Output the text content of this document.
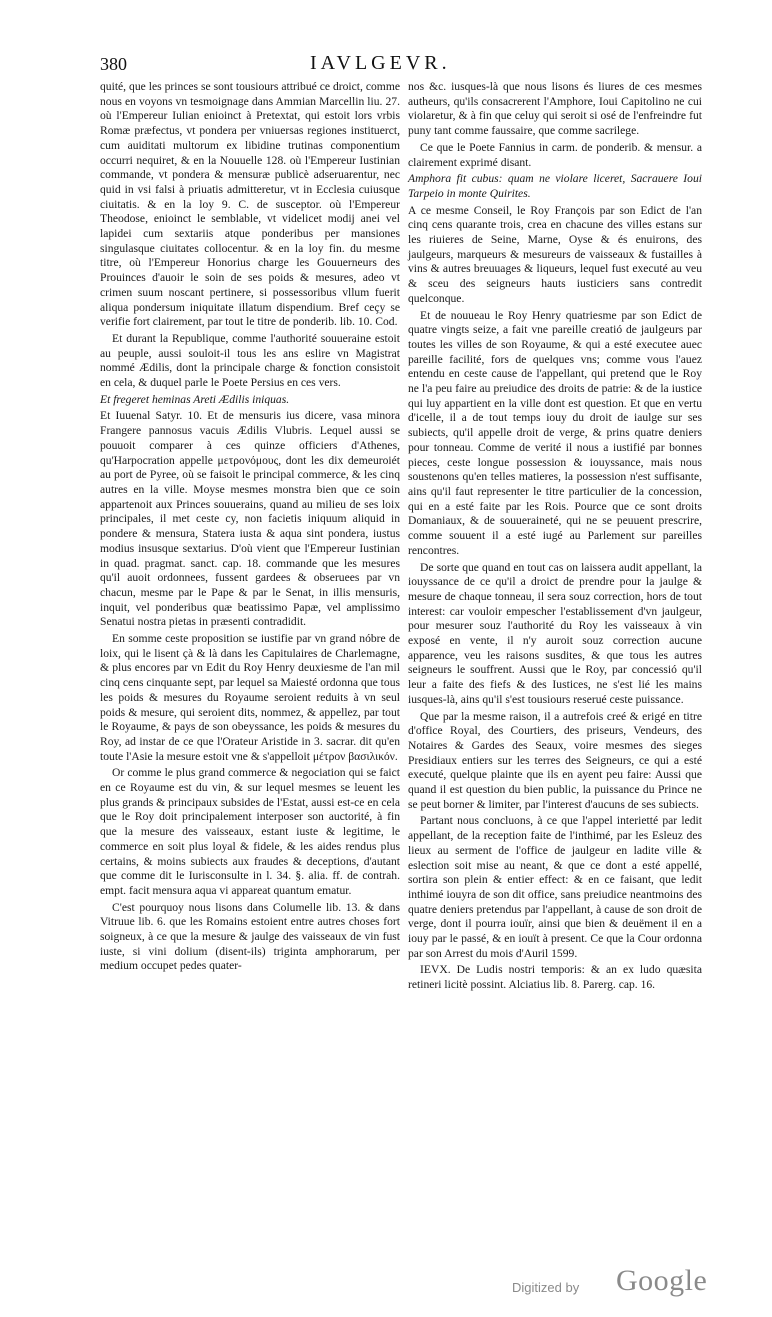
380	IAVLGEVR.

quité, que les princes se sont tousiours attribué ce droict, comme nous en voyons vn tesmoignage dans Ammian Marcellin liu. 27. où l'Empereur Iulian enioinct à Pretextat, qui estoit lors vrbis Romæ præfectus, vt pondera per vniuersas regiones instituerct, cum auiditati multorum ex libidine trutinas componentium occurri nequiret, & en la Nouuelle 128. où l'Empereur Iustinian commande, vt pondera & mensuræ publicè adseruarentur, nec quid in vsi falsi à priuatis admitteretur, vt in Ecclesia cuiusque ciuitatis. & en la loy 9. C. de susceptor. où l'Empereur Theodose, enioinct le semblable, vt videlicet modij anei vel lapidei cum sextariis atque ponderibus per mansiones singulasque ciuitates collocentur. & en la loy fin. du mesme titre, où l'Empereur Honorius charge les Gouuerneurs des Prouinces d'auoir le soin de ses poids & mesures, adeo vt crimen suum noscant pertinere, si possessoribus vllum fuerit aliqua pondersum iniquitate illatum dispendium. Bref ceçy se verifie fort clairement, par tout le titre de ponderib. lib. 10. Cod.

Et durant la Republique, comme l'authorité souueraine estoit au peuple, aussi souloit-il tous les ans eslire vn Magistrat nommé Ædilis, dont la principale charge & fonction consistoit en cela, & duquel parle le Poete Persius en ces vers.

Et fregeret heminas Areti Ædilis iniquas.

Et Iuuenal Satyr. 10. Et de mensuris ius dicere, vasa minora Frangere pannosus vacuis Ædilis Vlubris. Lequel aussi se pouuoit comparer à ces quinze officiers d'Athenes, qu'Harpocration appelle μετρονόμους, dont les dix demeuroiét au port de Pyree, où se faisoit le principal commerce, & les cinq autres en la ville. Moyse mesmes monstra bien que ce soin appartenoit aux Princes souuerains, quand au milieu de ses loix principales, il met ceste cy, non facietis iniquum aliquid in pondere & mensura, Statera iusta & aqua sint pondera, iustus modius insusque sextarius. D'où vient que l'Empereur Iustinian in quad. pragmat. sanct. cap. 18. commande que les mesures qu'il auoit ordonnees, fussent gardees & obseruees par vn chacun, mesme par le Pape & par le Senat, in illis mensuris, inquit, vel ponderibus quæ beatissimo Papæ, vel amplissimo Senatui nostra pietas in præsenti contradidit.

En somme ceste proposition se iustifie par vn grand nóbre de loix, qui le lisent çà & là dans les Capitulaires de Charlemagne, & plus encores par vn Edit du Roy Henry deuxiesme de l'an mil cinq cens cinquante sept, par lequel sa Maiesté ordonna que tous les poids & mesures du Royaume seroient reduits à vn seul poids & mesure, qui seroient dits, nommez, & appellez, par tout le Royaume, & pays de son obeyssance, les poids & mesures du Roy, ad instar de ce que l'Orateur Aristide in 3. sacrar. dit qu'en toute l'Asie la mesure estoit vne & s'appelloit μέτρον βασιλικόν.

Or comme le plus grand commerce & negociation qui se faict en ce Royaume est du vin, & sur lequel mesmes se leuent les plus grands & principaux subsides de l'Estat, aussi est-ce en cela que le Roy doit principalement interposer son auctorité, à fin que la mesure des vaisseaux, estant iuste & legitime, le commerce en soit plus loyal & fidele, & les aides rendus plus certains, & moins subiects aux fraudes & deceptions, d'autant que comme dit le Iurisconsulte in l. 34. §. alia. ff. de contrah. empt. facit mensura aqua vi appareat quantum ematur.

C'est pourquoy nous lisons dans Columelle lib. 13. & dans Vitruue lib. 6. que les Romains estoient entre autres choses fort soigneux, à ce que la mesure & jaulge des vaisseaux de vin fust iuste, si vini dolium (disent-ils) triginta amphorarum, per medium occupet pedes quater-

nos &c. iusques-là que nous lisons és liures de ces mesmes autheurs, qu'ils consacrerent l'Amphore, Ioui Capitolino ne cui violaretur, & à fin que celuy qui seroit si osé de l'enfreindre fut puny tant comme faussaire, que comme sacrilege.

Ce que le Poete Fannius in carm. de ponderib. & mensur. a clairement exprimé disant.

Amphora fit cubus: quam ne violare liceret, Sacrauere Ioui Tarpeio in monte Quirites.

A ce mesme Conseil, le Roy François par son Edict de l'an cinq cens quarante trois, crea en chacune des villes estans sur les riuieres de Seine, Marne, Oyse & és enuirons, des jaulgeurs, marqueurs & mesureurs de vaisseaux & fustailles à vins & autres breuuages & liqueurs, lequel fust executé au veu & sceu des seigneurs hauts iusticiers sans contredit quelconque.

Et de nouueau le Roy Henry quatriesme par son Edict de quatre vingts seize, a fait vne pareille creatió de jaulgeurs par toutes les villes de son Royaume, & qui a esté executee auec pareille facilité, fors de quelques vns; comme vous l'auez entendu en ceste cause de l'appellant, qui pretend que le Roy ne l'a peu faire au preiudice des droits de patrie: & de la iustice qui luy appartient en la ville dont est question. Et que en vertu d'icelle, il a de tout temps iouy du droit de iaulge sur ses subiects, qu'il appelle droit de verge, & prins quatre deniers pour tonneau. Comme de verité il nous a iustifié par bonnes pieces, ceste longue possession & iouyssance, mais nous soustenons qu'en telles matieres, la possession n'est suffisante, ains qu'il faut representer le titre particulier de la concession, qui en a esté faite par les Rois. Pource que ce sont droits Domaniaux, & de souueraineté, qui ne se peuuent prescrire, comme souuent il a esté iugé au Parlement sur pareilles rencontres.

De sorte que quand en tout cas on laissera audit appellant, la iouyssance de ce qu'il a droict de prendre pour la jaulge & mesure de chaque tonneau, il sera souz correction, hors de tout interest: car vouloir empescher l'establissement d'vn jaulgeur, pour mesurer souz l'authorité du Roy les vaisseaux à vin exposé en vente, il n'y auroit souz correction aucune apparence, veu les raisons susdites, & que tous les autres seigneurs le souffrent. Aussi que le Roy, par concessió qu'il leur a faite des fiefs & des Iustices, ne s'est lié les mains iusques-là, ains qu'il s'est tousiours reserué ceste puissance.

Que par la mesme raison, il a autrefois creé & erigé en titre d'office Royal, des Courtiers, des priseurs, Vendeurs, des Notaires & Gardes des Seaux, voire mesmes des sieges Presidiaux entiers sur les terres des Seigneurs, ce qui a esté executé, quelque plainte que ils en ayent peu faire: Aussi que quand il est question du bien public, la puissance du Prince ne se peut borner & limiter, par l'interest d'aucuns de ses subiects.

Partant nous concluons, à ce que l'appel interietté par ledit appellant, de la reception faite de l'inthimé, par les Esleuz des lieux au serment de l'office de jaulgeur en ladite ville & eslection soit mise au neant, & que ce dont a esté appellé, sortira son plein & entier effect: & en ce faisant, que ledit inthimé iouyra de son dit office, sans preiudice neantmoins des quatre deniers pretendus par l'appellant, à cause de son droit de verge, dont il pourra iouïr, ainsi que bien & deuëment il en a iouy par le passé, & en iouït à present. Ce que la Cour ordonna par son Arrest du mois d'Auril 1599.

IEVX. De Ludis nostri temporis: & an ex ludo quæsita retineri licitè possint. Alciatius lib. 8. Parerg. cap. 16.

Digitized by Google
